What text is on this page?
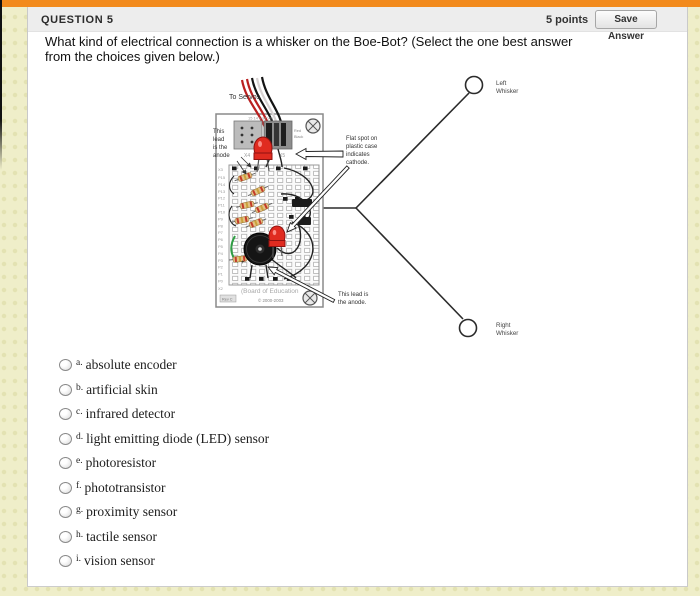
QUESTION 5	5 points	Save Answer
What kind of electrical connection is a whisker on the Boe-Bot? (Select the one best answer
from the choices given below.)
Left
Whisker
Right
Whisker
To Servos
15 14 Vdd Vin
X4	X5
Red
Black
X3
P15
P14
P13
P12
P11
P10
P9
P8
P7
P6
P5
P4
P3
P2
P1
P0
X2
+
(Board of Education
Rev C	© 2000-2003
This
lead
is the
anode
Flat spot on
plastic case
indicates
cathode.
This lead is
the anode.
a. absolute encoder
b. artificial skin
c. infrared detector
d. light emitting diode (LED) sensor
e. photoresistor
f. phototransistor
g. proximity sensor
h. tactile sensor
i. vision sensor
